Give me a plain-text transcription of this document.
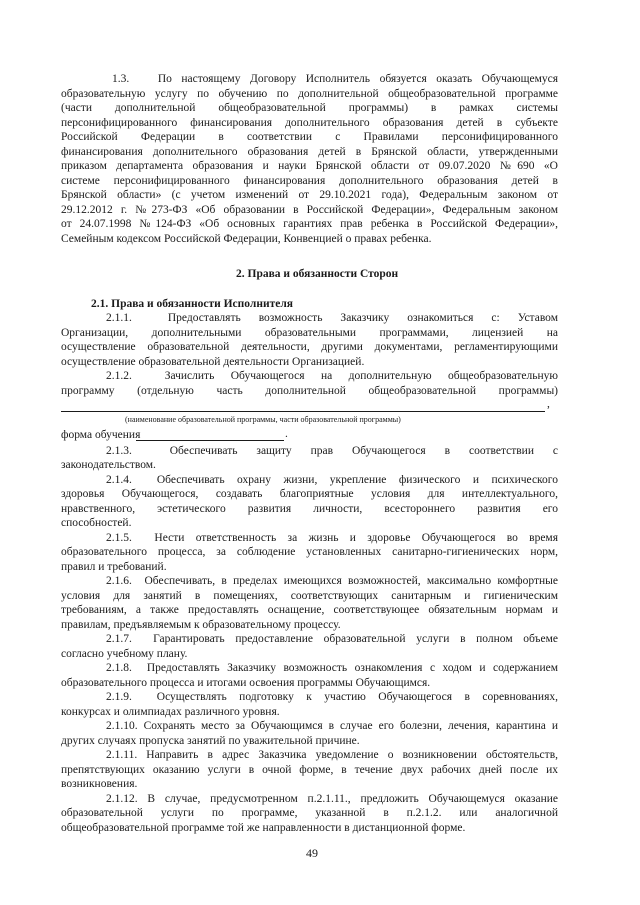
1.3.   По настоящему Договору Исполнитель обязуется оказать Обучающемуся
образовательную услугу по обучению по дополнительной общеобразовательной программе
(части дополнительной общеобразовательной программы) в рамках системы
персонифицированного финансирования дополнительного образования детей в субъекте
Российской Федерации в соответствии с Правилами персонифицированного
финансирования дополнительного образования детей в Брянской области, утвержденными
приказом департамента образования и науки Брянской области от 09.07.2020 №690 «О
системе персонифицированного финансирования дополнительного образования детей в
Брянской области» (с учетом изменений от 29.10.2021 года), Федеральным законом от
29.12.2012 г. №273-ФЗ «Об образовании в Российской Федерации», Федеральным законом
от 24.07.1998 №124-ФЗ «Об основных гарантиях прав ребенка в Российской Федерации»,
Семейным кодексом Российской Федерации, Конвенцией о правах ребенка.
2. Права и обязанности Сторон
2.1. Права и обязанности Исполнителя
2.1.1.  Предоставлять возможность Заказчику ознакомиться с: Уставом
Организации, дополнительными образовательными программами, лицензией на
осуществление образовательной деятельности, другими документами, регламентирующими
осуществление образовательной деятельности Организацией.
2.1.2.  Зачислить Обучающегося на дополнительную общеобразовательную
программу (отдельную часть дополнительной общеобразовательной программы)
,
(наименование образовательной программы, части образовательной программы)
форма обучения	.
2.1.3.  Обеспечивать защиту прав Обучающегося в соответствии с
законодательством.
2.1.4.  Обеспечивать охрану жизни, укрепление физического и психического
здоровья Обучающегося, создавать благоприятные условия для интеллектуального,
нравственного, эстетического развития личности, всестороннего развития его
способностей.
2.1.5.  Нести ответственность за жизнь и здоровье Обучающегося во время
образовательного процесса, за соблюдение установленных санитарно-гигиенических норм,
правил и требований.
2.1.6.  Обеспечивать, в пределах имеющихся возможностей, максимально комфортные
условия для занятий в помещениях, соответствующих санитарным и гигиеническим
требованиям, а также предоставлять оснащение, соответствующее обязательным нормам и
правилам, предъявляемым к образовательному процессу.
2.1.7.  Гарантировать предоставление образовательной услуги в полном объеме
согласно учебному плану.
2.1.8.  Предоставлять Заказчику возможность ознакомления с ходом и содержанием
образовательного процесса и итогами освоения программы Обучающимся.
2.1.9.  Осуществлять подготовку к участию Обучающегося в соревнованиях,
конкурсах и олимпиадах различного уровня.
2.1.10. Сохранять место за Обучающимся в случае его болезни, лечения, карантина и
других случаях пропуска занятий по уважительной причине.
2.1.11. Направить в адрес Заказчика уведомление о возникновении обстоятельств,
препятствующих оказанию услуги в очной форме, в течение двух рабочих дней после их
возникновения.
2.1.12. В случае, предусмотренном п.2.1.11., предложить Обучающемуся оказание
образовательной услуги по программе, указанной в п.2.1.2. или аналогичной
общеобразовательной программе той же направленности в дистанционной форме.
49
